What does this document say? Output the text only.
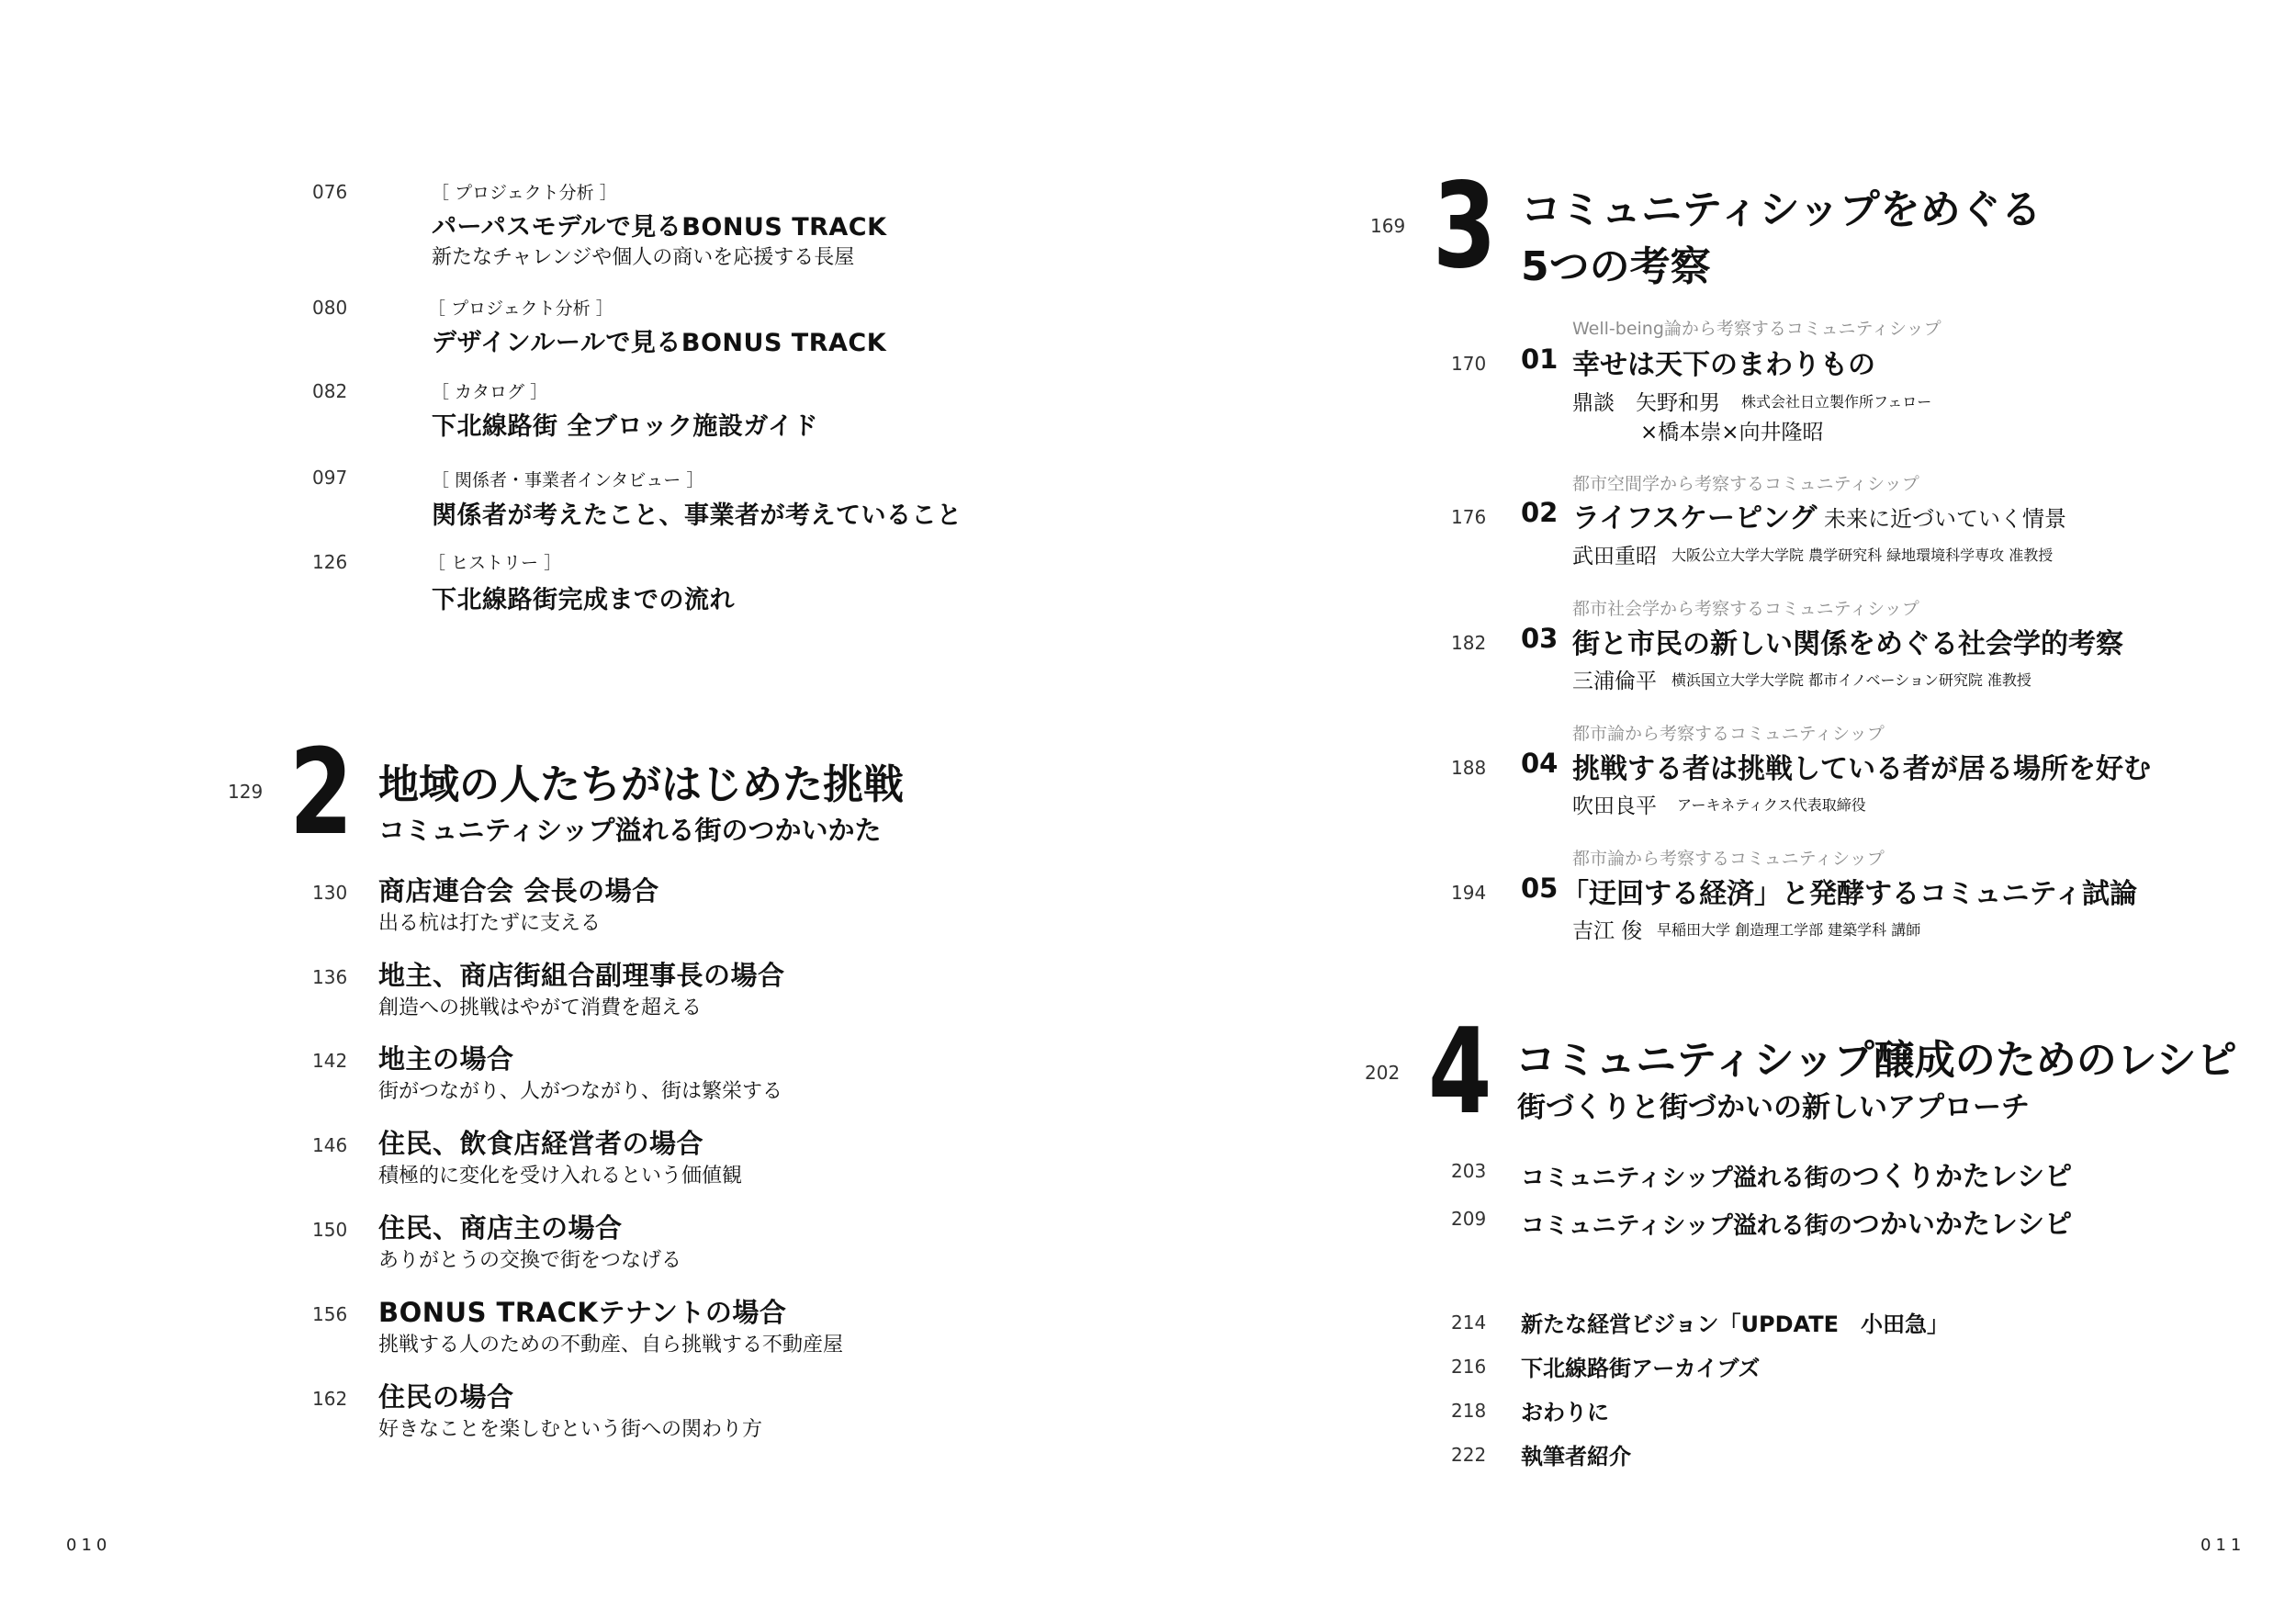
076	［ プロジェクト分析 ］
パーパスモデルで見るBONUS TRACK
新たなチャレンジや個人の商いを応援する長屋
080	［ プロジェクト分析 ］
デザインルールで見るBONUS TRACK
082	［ カタログ ］
下北線路街 全ブロック施設ガイド
097	［ 関係者・事業者インタビュー ］
関係者が考えたこと、事業者が考えていること
126	［ ヒストリー ］
下北線路街完成までの流れ
129 2 地域の人たちがはじめた挑戦
コミュニティシップ溢れる街のつかいかた
130 商店連合会 会長の場合
出る杭は打たずに支える
136 地主、商店街組合副理事長の場合
創造への挑戦はやがて消費を超える
142 地主の場合
街がつながり、人がつながり、街は繁栄する
146 住民、飲食店経営者の場合
積極的に変化を受け入れるという価値観
150 住民、商店主の場合
ありがとうの交換で街をつなげる
156 BONUS TRACKテナントの場合
挑戦する人のための不動産、自ら挑戦する不動産屋
162 住民の場合
好きなことを楽しむという街への関わり方
010
169 3 コミュニティシップをめぐる
5つの考察
Well-being論から考察するコミュニティシップ
170 01 幸せは天下のまわりもの
鼎談　矢野和男 株式会社日立製作所フェロー
×橋本崇×向井隆昭
都市空間学から考察するコミュニティシップ
176 02 ライフスケーピング 未来に近づいていく情景
武田重昭 大阪公立大学大学院 農学研究科 緑地環境科学専攻 准教授
都市社会学から考察するコミュニティシップ
182 03 街と市民の新しい関係をめぐる社会学的考察
三浦倫平 横浜国立大学大学院 都市イノベーション研究院 准教授
都市論から考察するコミュニティシップ
188 04 挑戦する者は挑戦している者が居る場所を好む
吹田良平 アーキネティクス代表取締役
都市論から考察するコミュニティシップ
194 05 「迂回する経済」と発酵するコミュニティ試論
吉江 俊 早稲田大学 創造理工学部 建築学科 講師
202 4 コミュニティシップ醸成のためのレシピ
街づくりと街づかいの新しいアプローチ
203 コミュニティシップ溢れる街のつくりかたレシピ
209 コミュニティシップ溢れる街のつかいかたレシピ
214 新たな経営ビジョン「UPDATE　小田急」
216 下北線路街アーカイブズ
218 おわりに
222 執筆者紹介
011
